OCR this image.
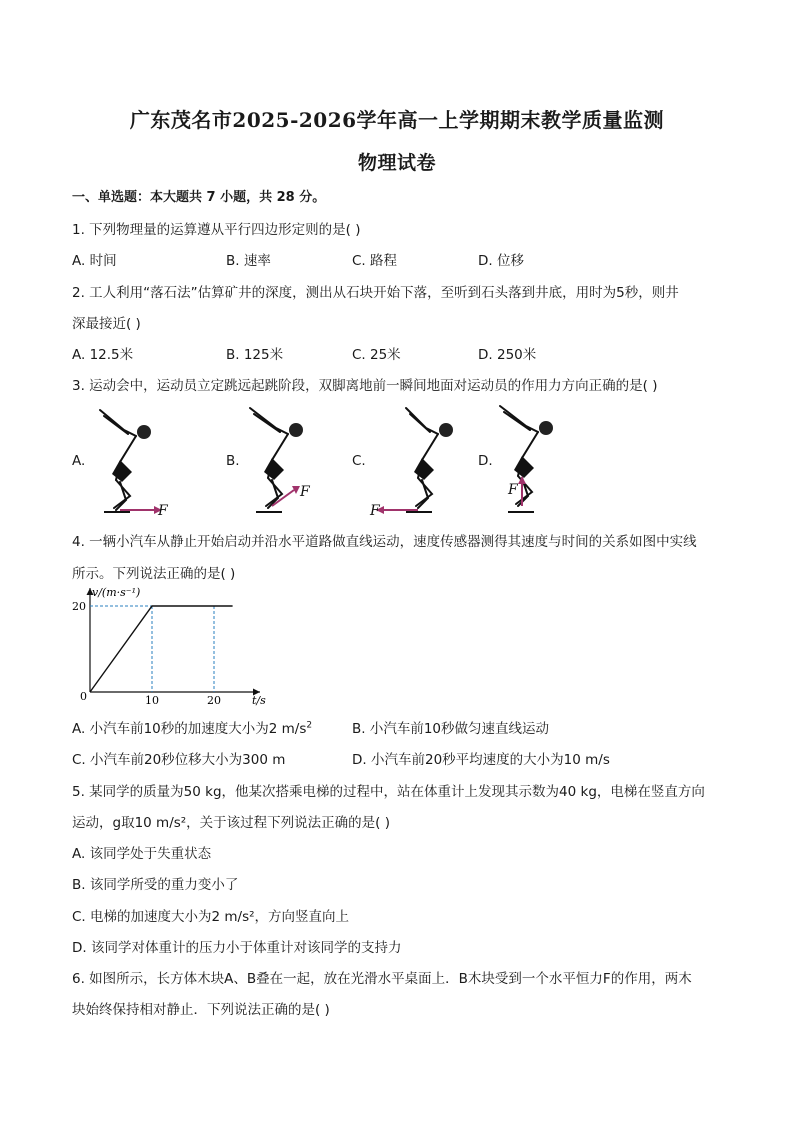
广东茂名市2025-2026学年高一上学期期末教学质量监测
物理试卷
一、单选题：本大题共 7 小题，共 28 分。
1. 下列物理量的运算遵从平行四边形定则的是( )
A. 时间	B. 速率	C. 路程	D. 位移
2. 工人利用“落石法”估算矿井的深度，测出从石块开始下落，至听到石头落到井底，用时为5秒，则井
深最接近( )
A. 12.5米	B. 125米	C. 25米	D. 250米
3. 运动会中，运动员立定跳远起跳阶段，双脚离地前一瞬间地面对运动员的作用力方向正确的是( )
A.	B.	C.	D.
F
F
F
F
4. 一辆小汽车从静止开始启动并沿水平道路做直线运动，速度传感器测得其速度与时间的关系如图中实线
所示。下列说法正确的是( )
v/(m·s⁻¹)
t/s
0	10	20
20
A. 小汽车前10秒的加速度大小为2 $m/s^2$	B. 小汽车前10秒做匀速直线运动
C. 小汽车前20秒位移大小为300 m	D. 小汽车前20秒平均速度的大小为10 m/s
5. 某同学的质量为50 kg，他某次搭乘电梯的过程中，站在体重计上发现其示数为40 kg，电梯在竖直方向
运动，g取10 m/s²，关于该过程下列说法正确的是( )
A. 该同学处于失重状态
B. 该同学所受的重力变小了
C. 电梯的加速度大小为2 m/s²，方向竖直向上
D. 该同学对体重计的压力小于体重计对该同学的支持力
6. 如图所示，长方体木块A、B叠在一起，放在光滑水平桌面上．B木块受到一个水平恒力F的作用，两木
块始终保持相对静止．下列说法正确的是( )
